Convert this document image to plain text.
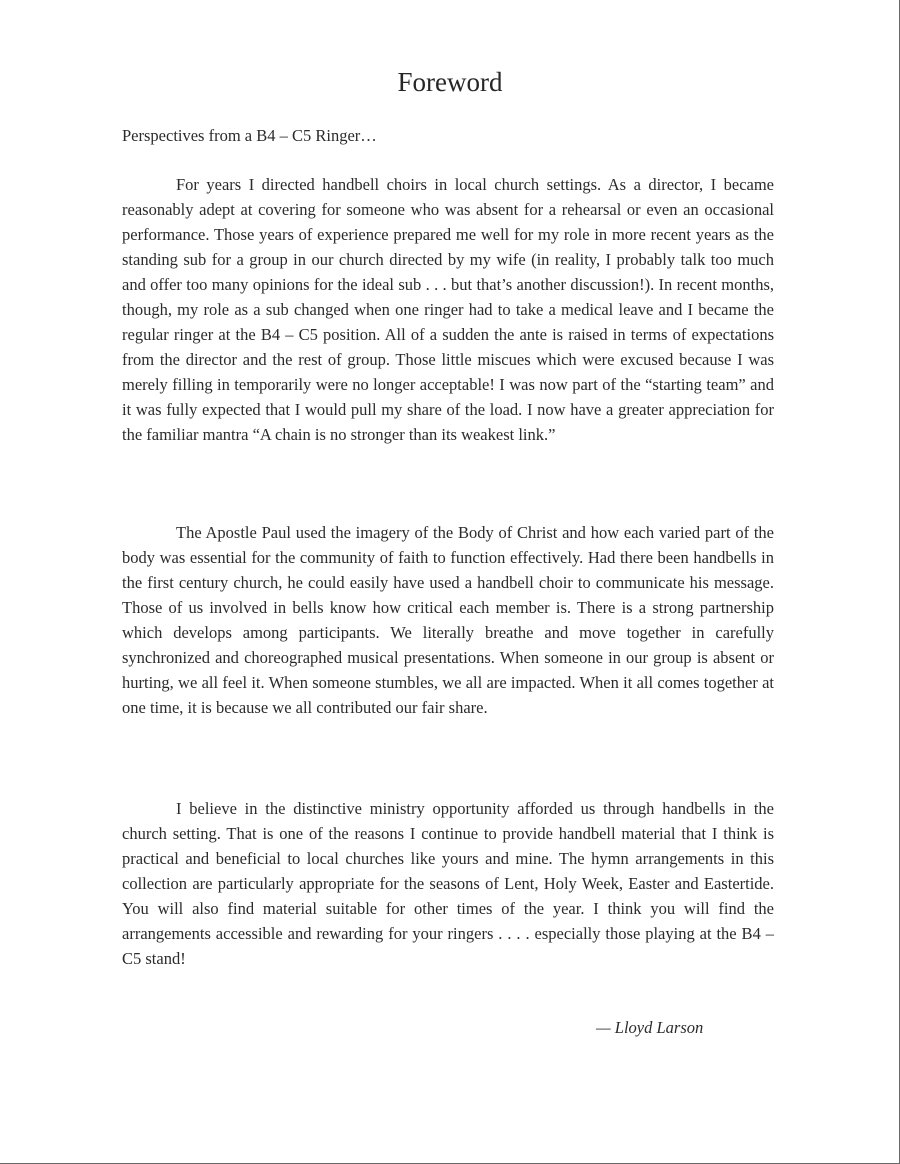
Foreword

Perspectives from a B4 – C5 Ringer…

For years I directed handbell choirs in local church settings. As a director, I became reasonably adept at covering for someone who was absent for a rehearsal or even an occasional performance. Those years of experience prepared me well for my role in more recent years as the standing sub for a group in our church directed by my wife (in reality, I probably talk too much and offer too many opinions for the ideal sub . . . but that’s another discussion!). In recent months, though, my role as a sub changed when one ringer had to take a medical leave and I became the regular ringer at the B4 – C5 position. All of a sudden the ante is raised in terms of expectations from the director and the rest of group. Those little miscues which were excused because I was merely filling in temporarily were no longer acceptable! I was now part of the “starting team” and it was fully expected that I would pull my share of the load. I now have a greater appreciation for the familiar mantra “A chain is no stronger than its weakest link.”

The Apostle Paul used the imagery of the Body of Christ and how each varied part of the body was essential for the community of faith to function effectively. Had there been handbells in the first century church, he could easily have used a handbell choir to communicate his message. Those of us involved in bells know how critical each member is. There is a strong partnership which develops among participants. We literally breathe and move together in carefully synchronized and choreographed musical presentations. When someone in our group is absent or hurting, we all feel it. When someone stumbles, we all are impacted. When it all comes together at one time, it is because we all contributed our fair share.

I believe in the distinctive ministry opportunity afforded us through handbells in the church setting. That is one of the reasons I continue to provide handbell material that I think is practical and beneficial to local churches like yours and mine. The hymn arrangements in this collection are particularly appropriate for the seasons of Lent, Holy Week, Easter and Eastertide. You will also find material suitable for other times of the year. I think you will find the arrangements accessible and rewarding for your ringers . . . . especially those playing at the B4 – C5 stand!

— Lloyd Larson
